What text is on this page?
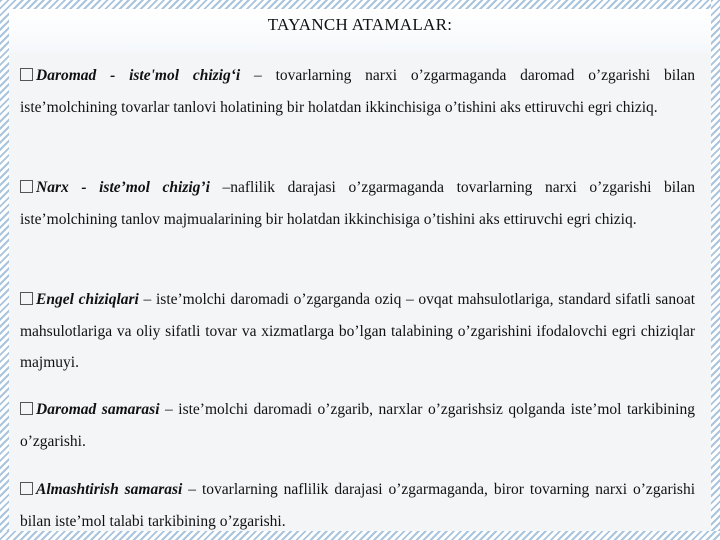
TAYANCH ATAMALAR:
Daromad - iste'mol chizig‘i – tovarlarning narxi o’zgarmaganda daromad o’zgarishi bilan iste’molchining tovarlar tanlovi holatining bir holatdan ikkinchisiga o’tishini aks ettiruvchi egri chiziq.
Narx - iste’mol chizig’i –naflilik darajasi o’zgarmaganda tovarlarning narxi o’zgarishi bilan iste’molchining tanlov majmualarining bir holatdan ikkinchisiga o’tishini aks ettiruvchi egri chiziq.
Engel chiziqlari – iste’molchi daromadi o’zgarganda oziq – ovqat mahsulotlariga, standard sifatli sanoat mahsulotlariga va oliy sifatli tovar va xizmatlarga bo’lgan talabining o’zgarishini ifodalovchi egri chiziqlar majmuyi.
Daromad samarasi – iste’molchi daromadi o’zgarib, narxlar o’zgarishsiz qolganda iste’mol tarkibining o’zgarishi.
Almashtirish samarasi – tovarlarning naflilik darajasi o’zgarmaganda, biror tovarning narxi o’zgarishi bilan iste’mol talabi tarkibining o’zgarishi.
